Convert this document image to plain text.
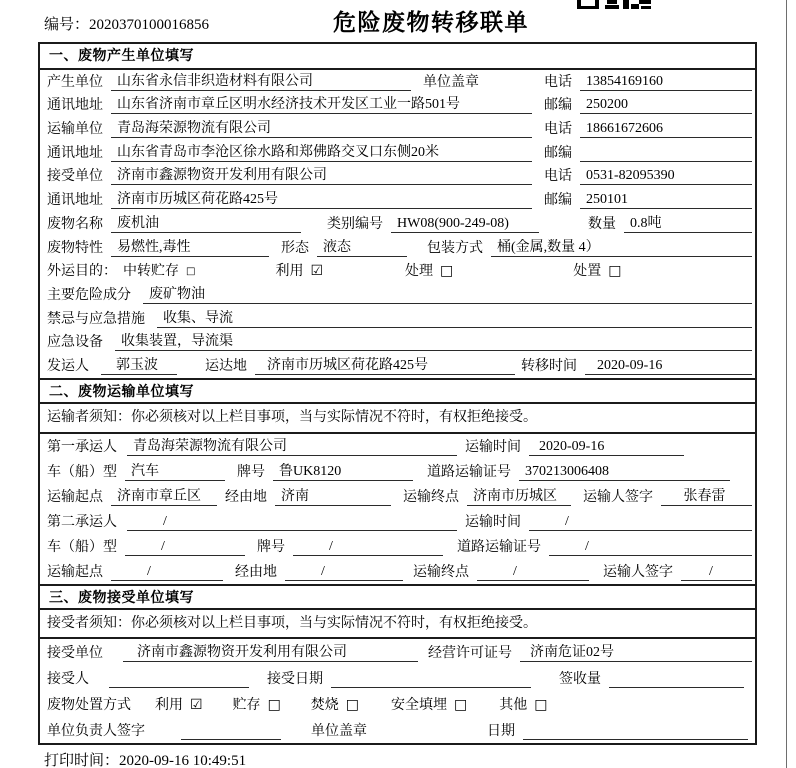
编号：2020370100016856	危险废物转移联单
一、废物产生单位填写
产生单位	山东省永信非织造材料有限公司	单位盖章	电话	13854169160
通讯地址	山东省济南市章丘区明水经济技术开发区工业一路501号	邮编	250200
运输单位	青岛海荣源物流有限公司	电话	18661672606
通讯地址	山东省青岛市李沧区徐水路和郑佛路交叉口东侧20米	邮编
接受单位	济南市鑫源物资开发利用有限公司	电话	0531-82095390
通讯地址	济南市历城区荷花路425号	邮编	250101
废物名称	废机油	类别编号	HW08(900-249-08)	数量	0.8吨
废物特性	易燃性,毒性	形态	液态	包装方式	桶(金属,数量 4）
外运目的： 中转贮存 □	利用 ☑	处理 □	处置 □
主要危险成分	废矿物油
禁忌与应急措施	收集、导流
应急设备	收集装置，导流渠
发运人	郭玉波	运达地	济南市历城区荷花路425号	转移时间	2020-09-16
二、废物运输单位填写
运输者须知：你必须核对以上栏目事项，当与实际情况不符时，有权拒绝接受。
第一承运人	青岛海荣源物流有限公司	运输时间	2020-09-16
车（船）型	汽车	牌号	鲁UK8120	道路运输证号	370213006408
运输起点	济南市章丘区	经由地	济南	运输终点	济南市历城区	运输人签字	张春雷
第二承运人	/	运输时间	/
车（船）型	/	牌号	/	道路运输证号	/
运输起点	/	经由地	/	运输终点	/	运输人签字	/
三、废物接受单位填写
接受者须知：你必须核对以上栏目事项，当与实际情况不符时，有权拒绝接受。
接受单位	济南市鑫源物资开发利用有限公司	经营许可证号	济南危证02号
接受人	接受日期	签收量
废物处置方式 利用 ☑ 贮存 □ 焚烧 □ 安全填埋 □ 其他 □
单位负责人签字	单位盖章	日期
打印时间：2020-09-16 10:49:51
